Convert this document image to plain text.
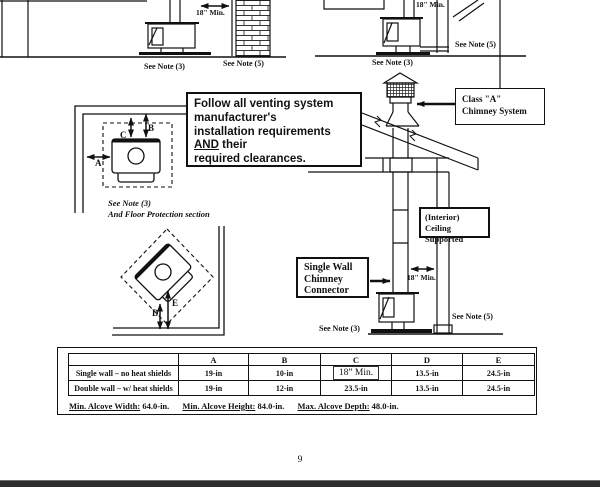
18" Min.
See Note (3)	See Note (5)
18" Min.
See Note (5)
See Note (3)
Class "A"
Chimney System
Follow all venting system
manufacturer's
installation requirements
AND their
required clearances.
A
C
B
See Note (3)
And Floor Protection section
E
D
(Interior) Ceiling
Supported
Single Wall
Chimney
Connector
18" Min.
See Note (3)
See Note (5)
	A	B	C	D	E
Single wall – no heat shields	19-in	10-in	18” Min.	13.5-in	24.5-in
Double wall – w/ heat shields	19-in	12-in	23.5-in	13.5-in	24.5-in
Min. Alcove Width: 64.0-in. Min. Alcove Height: 84.0-in. Max. Alcove Depth: 48.0-in.
9
